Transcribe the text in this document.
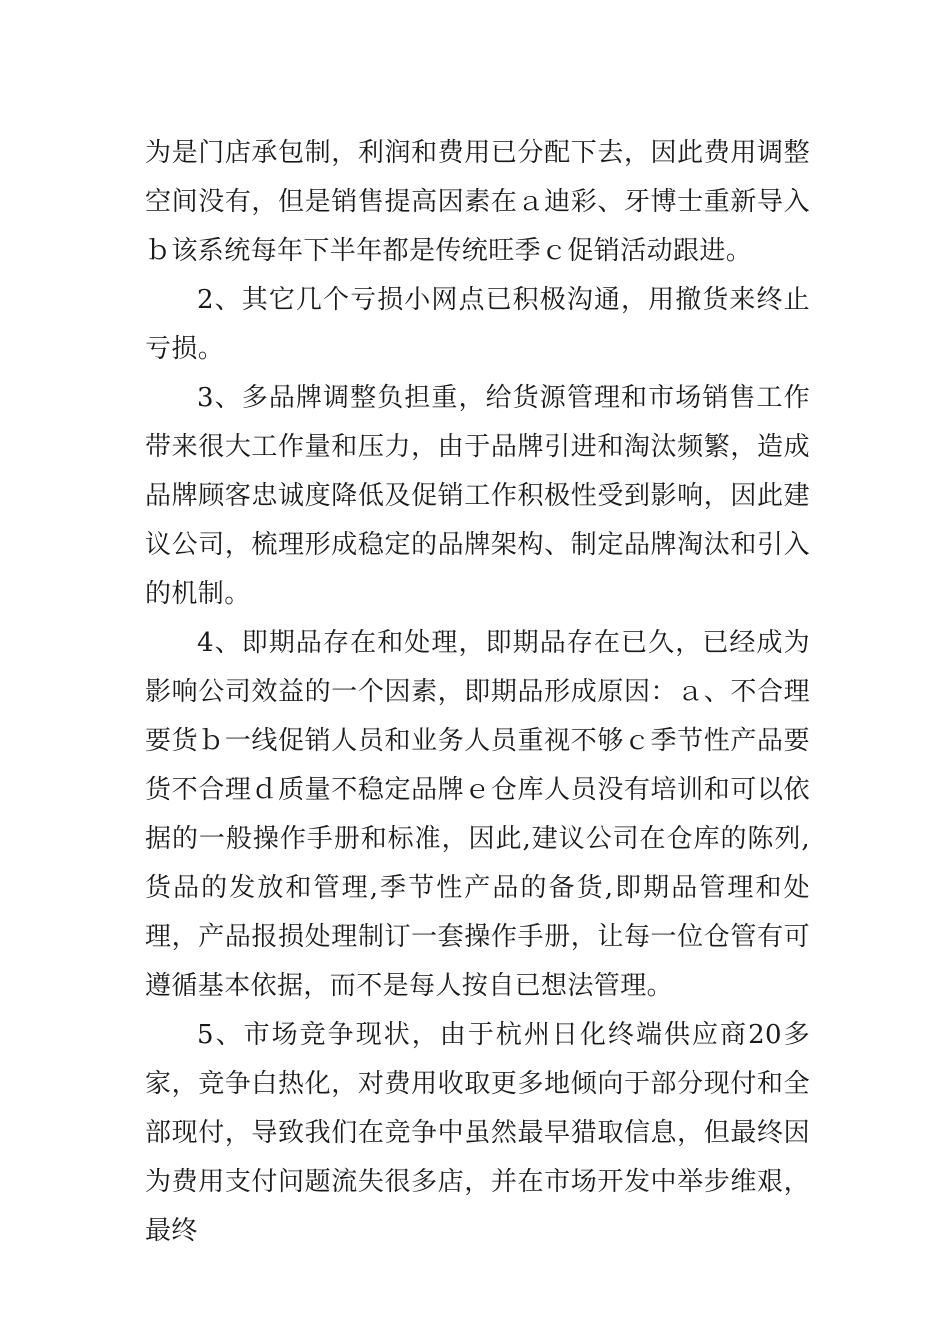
为是门店承包制，利润和费用已分配下去，因此费用调整空间没有，但是销售提高因素在ａ迪彩、牙博士重新导入ｂ该系统每年下半年都是传统旺季ｃ促销活动跟进。

2、其它几个亏损小网点已积极沟通，用撤货来终止亏损。

3、多品牌调整负担重，给货源管理和市场销售工作带来很大工作量和压力，由于品牌引进和淘汰频繁，造成品牌顾客忠诚度降低及促销工作积极性受到影响，因此建议公司，梳理形成稳定的品牌架构、制定品牌淘汰和引入的机制。

4、即期品存在和处理，即期品存在已久，已经成为影响公司效益的一个因素，即期品形成原因：ａ、不合理要货ｂ一线促销人员和业务人员重视不够ｃ季节性产品要货不合理ｄ质量不稳定品牌ｅ仓库人员没有培训和可以依据的一般操作手册和标准，因此,建议公司在仓库的陈列,货品的发放和管理,季节性产品的备货,即期品管理和处理，产品报损处理制订一套操作手册，让每一位仓管有可遵循基本依据，而不是每人按自已想法管理。

5、市场竞争现状，由于杭州日化终端供应商20多家，竞争白热化，对费用收取更多地倾向于部分现付和全部现付，导致我们在竞争中虽然最早猎取信息，但最终因为费用支付问题流失很多店，并在市场开发中举步维艰，最终
